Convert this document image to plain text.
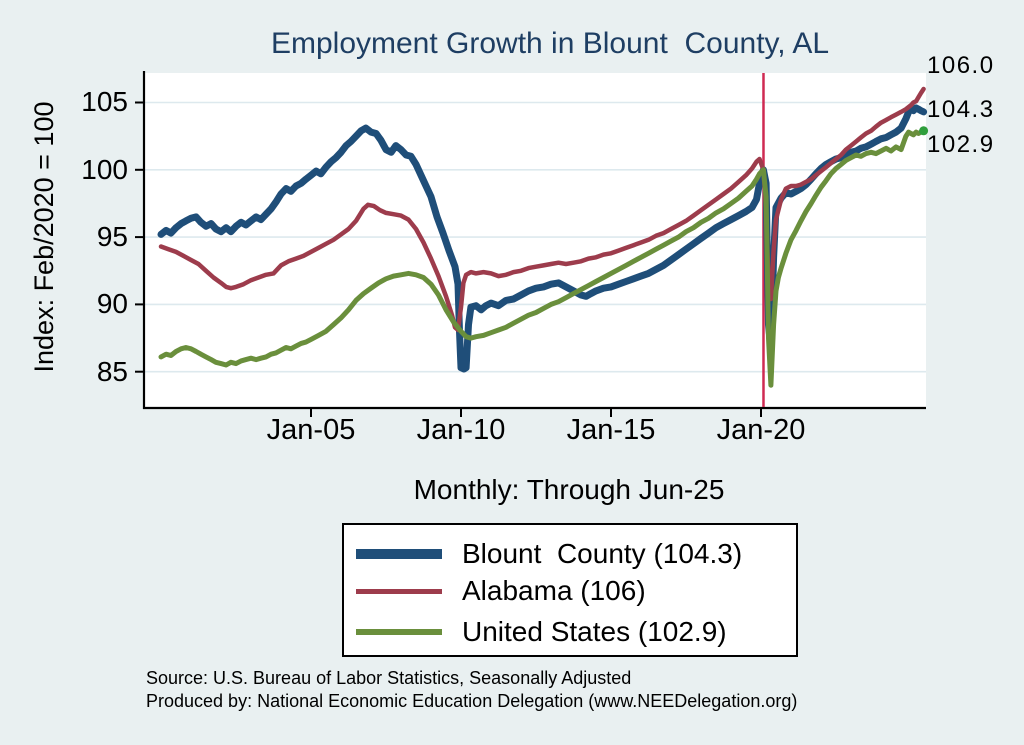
Employment Growth in Blount  County, AL
Index: Feb/2020 = 100
105
100
95
90
85
Jan-05	Jan-10	Jan-15	Jan-20
106.0
104.3
102.9
Monthly: Through Jun-25
Blount  County (104.3)
Alabama (106)
United States (102.9)
Source: U.S. Bureau of Labor Statistics, Seasonally Adjusted
Produced by: National Economic Education Delegation (www.NEEDelegation.org)
